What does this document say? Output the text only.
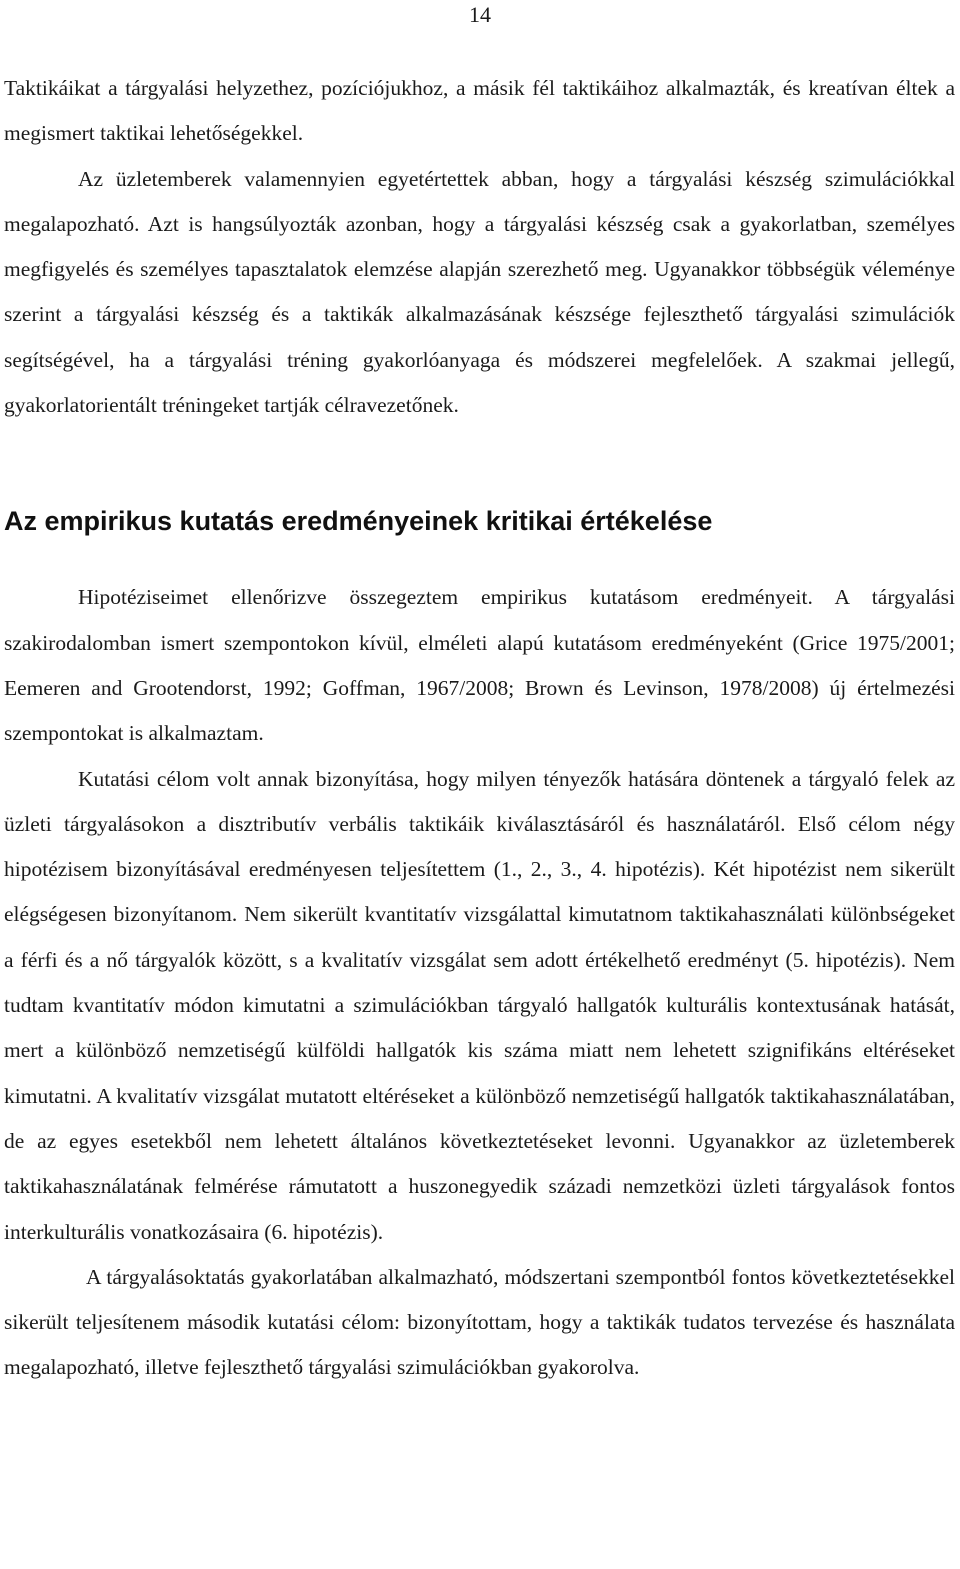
14

Taktikáikat a tárgyalási helyzethez, pozíciójukhoz, a másik fél taktikáihoz alkalmazták, és kreatívan éltek a megismert taktikai lehetőségekkel.

Az üzletemberek valamennyien egyetértettek abban, hogy a tárgyalási készség szimulációkkal megalapozható. Azt is hangsúlyozták azonban, hogy a tárgyalási készség csak a gyakorlatban, személyes megfigyelés és személyes tapasztalatok elemzése alapján szerezhető meg. Ugyanakkor többségük véleménye szerint a tárgyalási készség és a taktikák alkalmazásának készsége fejleszthető tárgyalási szimulációk segítségével, ha a tárgyalási tréning gyakorlóanyaga és módszerei megfelelőek. A szakmai jellegű, gyakorlatorientált tréningeket tartják célravezetőnek.

Az empirikus kutatás eredményeinek kritikai értékelése

Hipotéziseimet ellenőrizve összegeztem empirikus kutatásom eredményeit. A tárgyalási szakirodalomban ismert szempontokon kívül, elméleti alapú kutatásom eredményeként (Grice 1975/2001; Eemeren and Grootendorst, 1992; Goffman, 1967/2008; Brown és Levinson, 1978/2008) új értelmezési szempontokat is alkalmaztam.

Kutatási célom volt annak bizonyítása, hogy milyen tényezők hatására döntenek a tárgyaló felek az üzleti tárgyalásokon a disztributív verbális taktikáik kiválasztásáról és használatáról. Első célom négy hipotézisem bizonyításával eredményesen teljesítettem (1., 2., 3., 4. hipotézis). Két hipotézist nem sikerült elégségesen bizonyítanom. Nem sikerült kvantitatív vizsgálattal kimutatnom taktikahasználati különbségeket a férfi és a nő tárgyalók között, s a kvalitatív vizsgálat sem adott értékelhető eredményt (5. hipotézis). Nem tudtam kvantitatív módon kimutatni a szimulációkban tárgyaló hallgatók kulturális kontextusának hatását, mert a különböző nemzetiségű külföldi hallgatók kis száma miatt nem lehetett szignifikáns eltéréseket kimutatni. A kvalitatív vizsgálat mutatott eltéréseket a különböző nemzetiségű hallgatók taktikahasználatában, de az egyes esetekből nem lehetett általános következtetéseket levonni. Ugyanakkor az üzletemberek taktikahasználatának felmérése rámutatott a huszonegyedik századi nemzetközi üzleti tárgyalások fontos interkulturális vonatkozásaira (6. hipotézis).

A tárgyalásoktatás gyakorlatában alkalmazható, módszertani szempontból fontos következtetésekkel sikerült teljesítenem második kutatási célom: bizonyítottam, hogy a taktikák tudatos tervezése és használata megalapozható, illetve fejleszthető tárgyalási szimulációkban gyakorolva.
